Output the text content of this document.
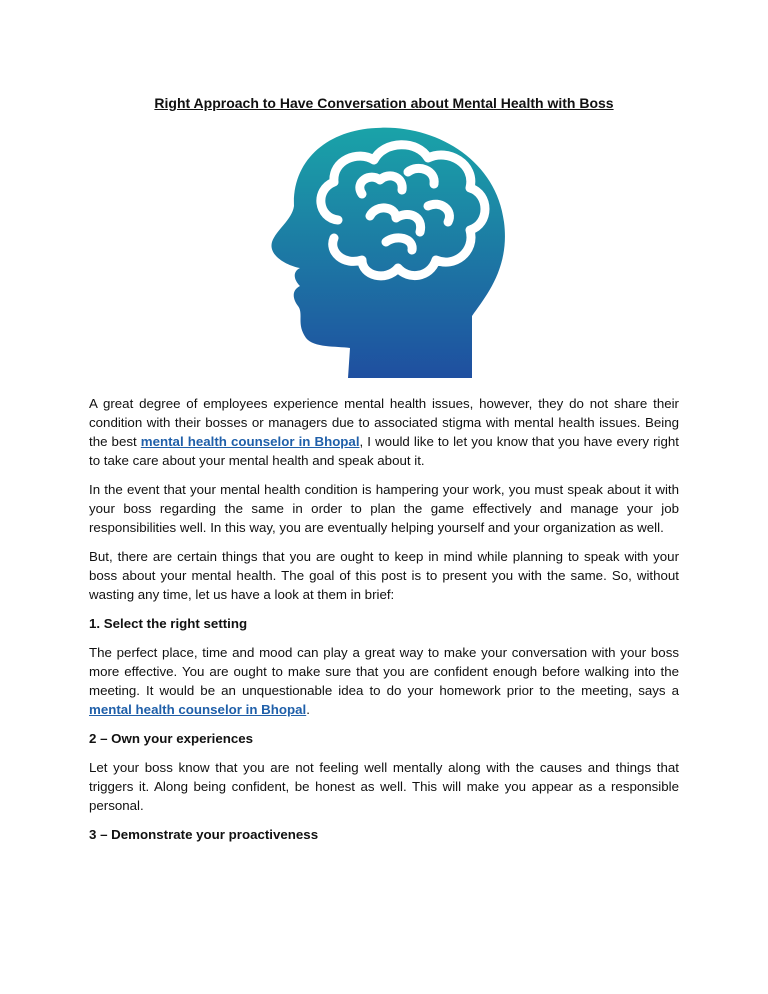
Right Approach to Have Conversation about Mental Health with Boss

A great degree of employees experience mental health issues, however, they do not share their condition with their bosses or managers due to associated stigma with mental health issues. Being the best mental health counselor in Bhopal, I would like to let you know that you have every right to take care about your mental health and speak about it.

In the event that your mental health condition is hampering your work, you must speak about it with your boss regarding the same in order to plan the game effectively and manage your job responsibilities well. In this way, you are eventually helping yourself and your organization as well.

But, there are certain things that you are ought to keep in mind while planning to speak with your boss about your mental health. The goal of this post is to present you with the same. So, without wasting any time, let us have a look at them in brief:

1. Select the right setting

The perfect place, time and mood can play a great way to make your conversation with your boss more effective. You are ought to make sure that you are confident enough before walking into the meeting. It would be an unquestionable idea to do your homework prior to the meeting, says a mental health counselor in Bhopal.

2 – Own your experiences

Let your boss know that you are not feeling well mentally along with the causes and things that triggers it. Along being confident, be honest as well. This will make you appear as a responsible personal.

3 – Demonstrate your proactiveness
